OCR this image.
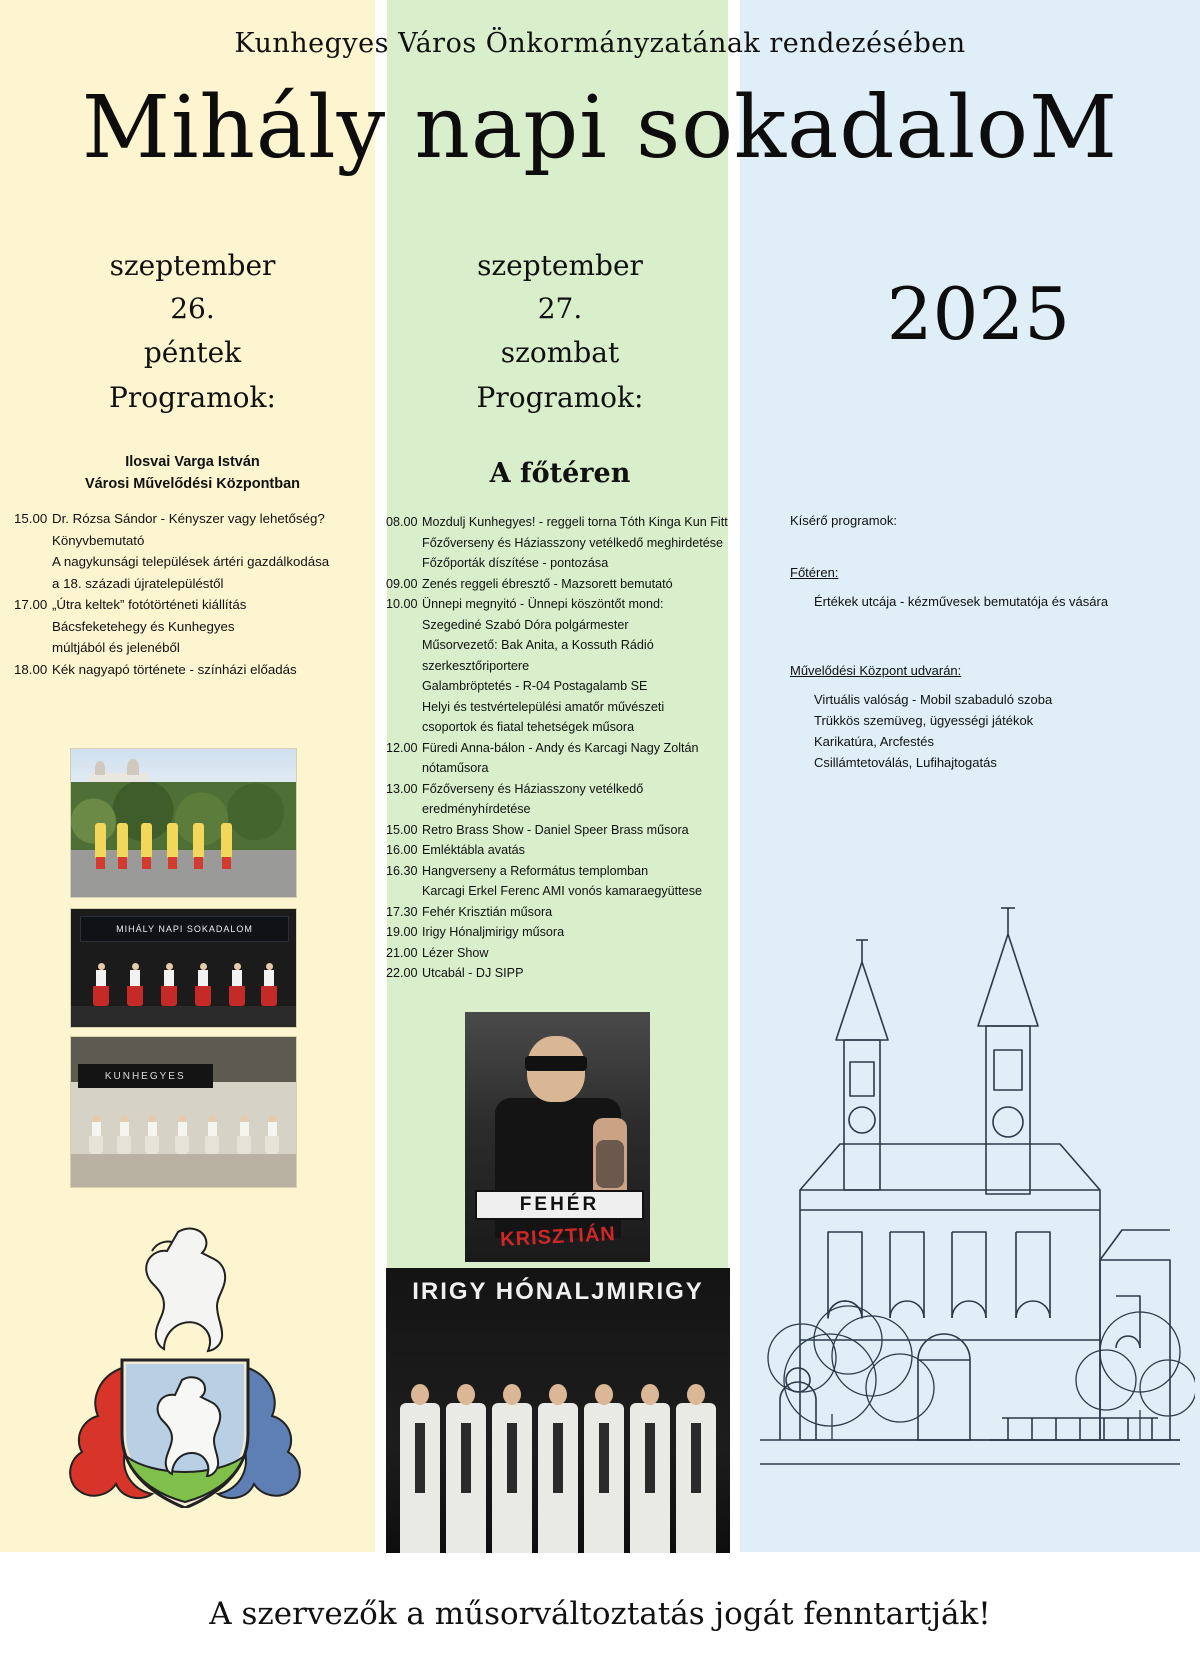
Kunhegyes Város Önkormányzatának rendezésében
Mihály napi sokadaloM
2025
szeptember
26.
péntek
Programok:
Ilosvai Varga István
Városi Művelődési Központban
szeptember
27.
szombat
Programok:
A főtéren
15.00 Dr. Rózsa Sándor - Kényszer vagy lehetőség?
Könyvbemutató
A nagykunsági települések ártéri gazdálkodása
a 18. századi újratelepüléstől
17.00 „Útra keltek” fotótörténeti kiállítás
Bácsfeketehegy és Kunhegyes
múltjából és jelenéből
18.00 Kék nagyapó története - színházi előadás
08.00 Mozdulj Kunhegyes! - reggeli torna Tóth Kinga Kun Fitt
Főzőverseny és Háziasszony vetélkedő meghirdetése
Főzőporták díszítése - pontozása
09.00 Zenés reggeli ébresztő - Mazsorett bemutató
10.00 Ünnepi megnyitó - Ünnepi köszöntőt mond:
Szegediné Szabó Dóra polgármester
Műsorvezető: Bak Anita, a Kossuth Rádió szerkesztőriportere
Galambröptetés - R-04 Postagalamb SE
Helyi és testvértelepülési amatőr művészeti
csoportok és fiatal tehetségek műsora
12.00 Füredi Anna-bálon - Andy és Karcagi Nagy Zoltán nótaműsora
13.00 Főzőverseny és Háziasszony vetélkedő eredményhírdetése
15.00 Retro Brass Show - Daniel Speer Brass műsora
16.00 Emléktábla avatás
16.30 Hangverseny a Református templomban
Karcagi Erkel Ferenc AMI vonós kamaraegyüttese
17.30 Fehér Krisztián műsora
19.00 Irigy Hónaljmirigy műsora
21.00 Lézer Show
22.00 Utcabál - DJ SIPP
Kísérő programok:
Főtéren:
Értékek utcája - kézművesek bemutatója és vására
Művelődési Központ udvarán:
Virtuális valóság - Mobil szabaduló szoba
Trükkös szemüveg, ügyességi játékok
Karikatúra, Arcfestés
Csillámtetoválás, Lufihajtogatás
MIHÁLY NAPI SOKADALOM
KUNHEGYES
FEHÉR
KRISZTIÁN
IRIGY HÓNALJMIRIGY
A szervezők a műsorváltoztatás jogát fenntartják!
